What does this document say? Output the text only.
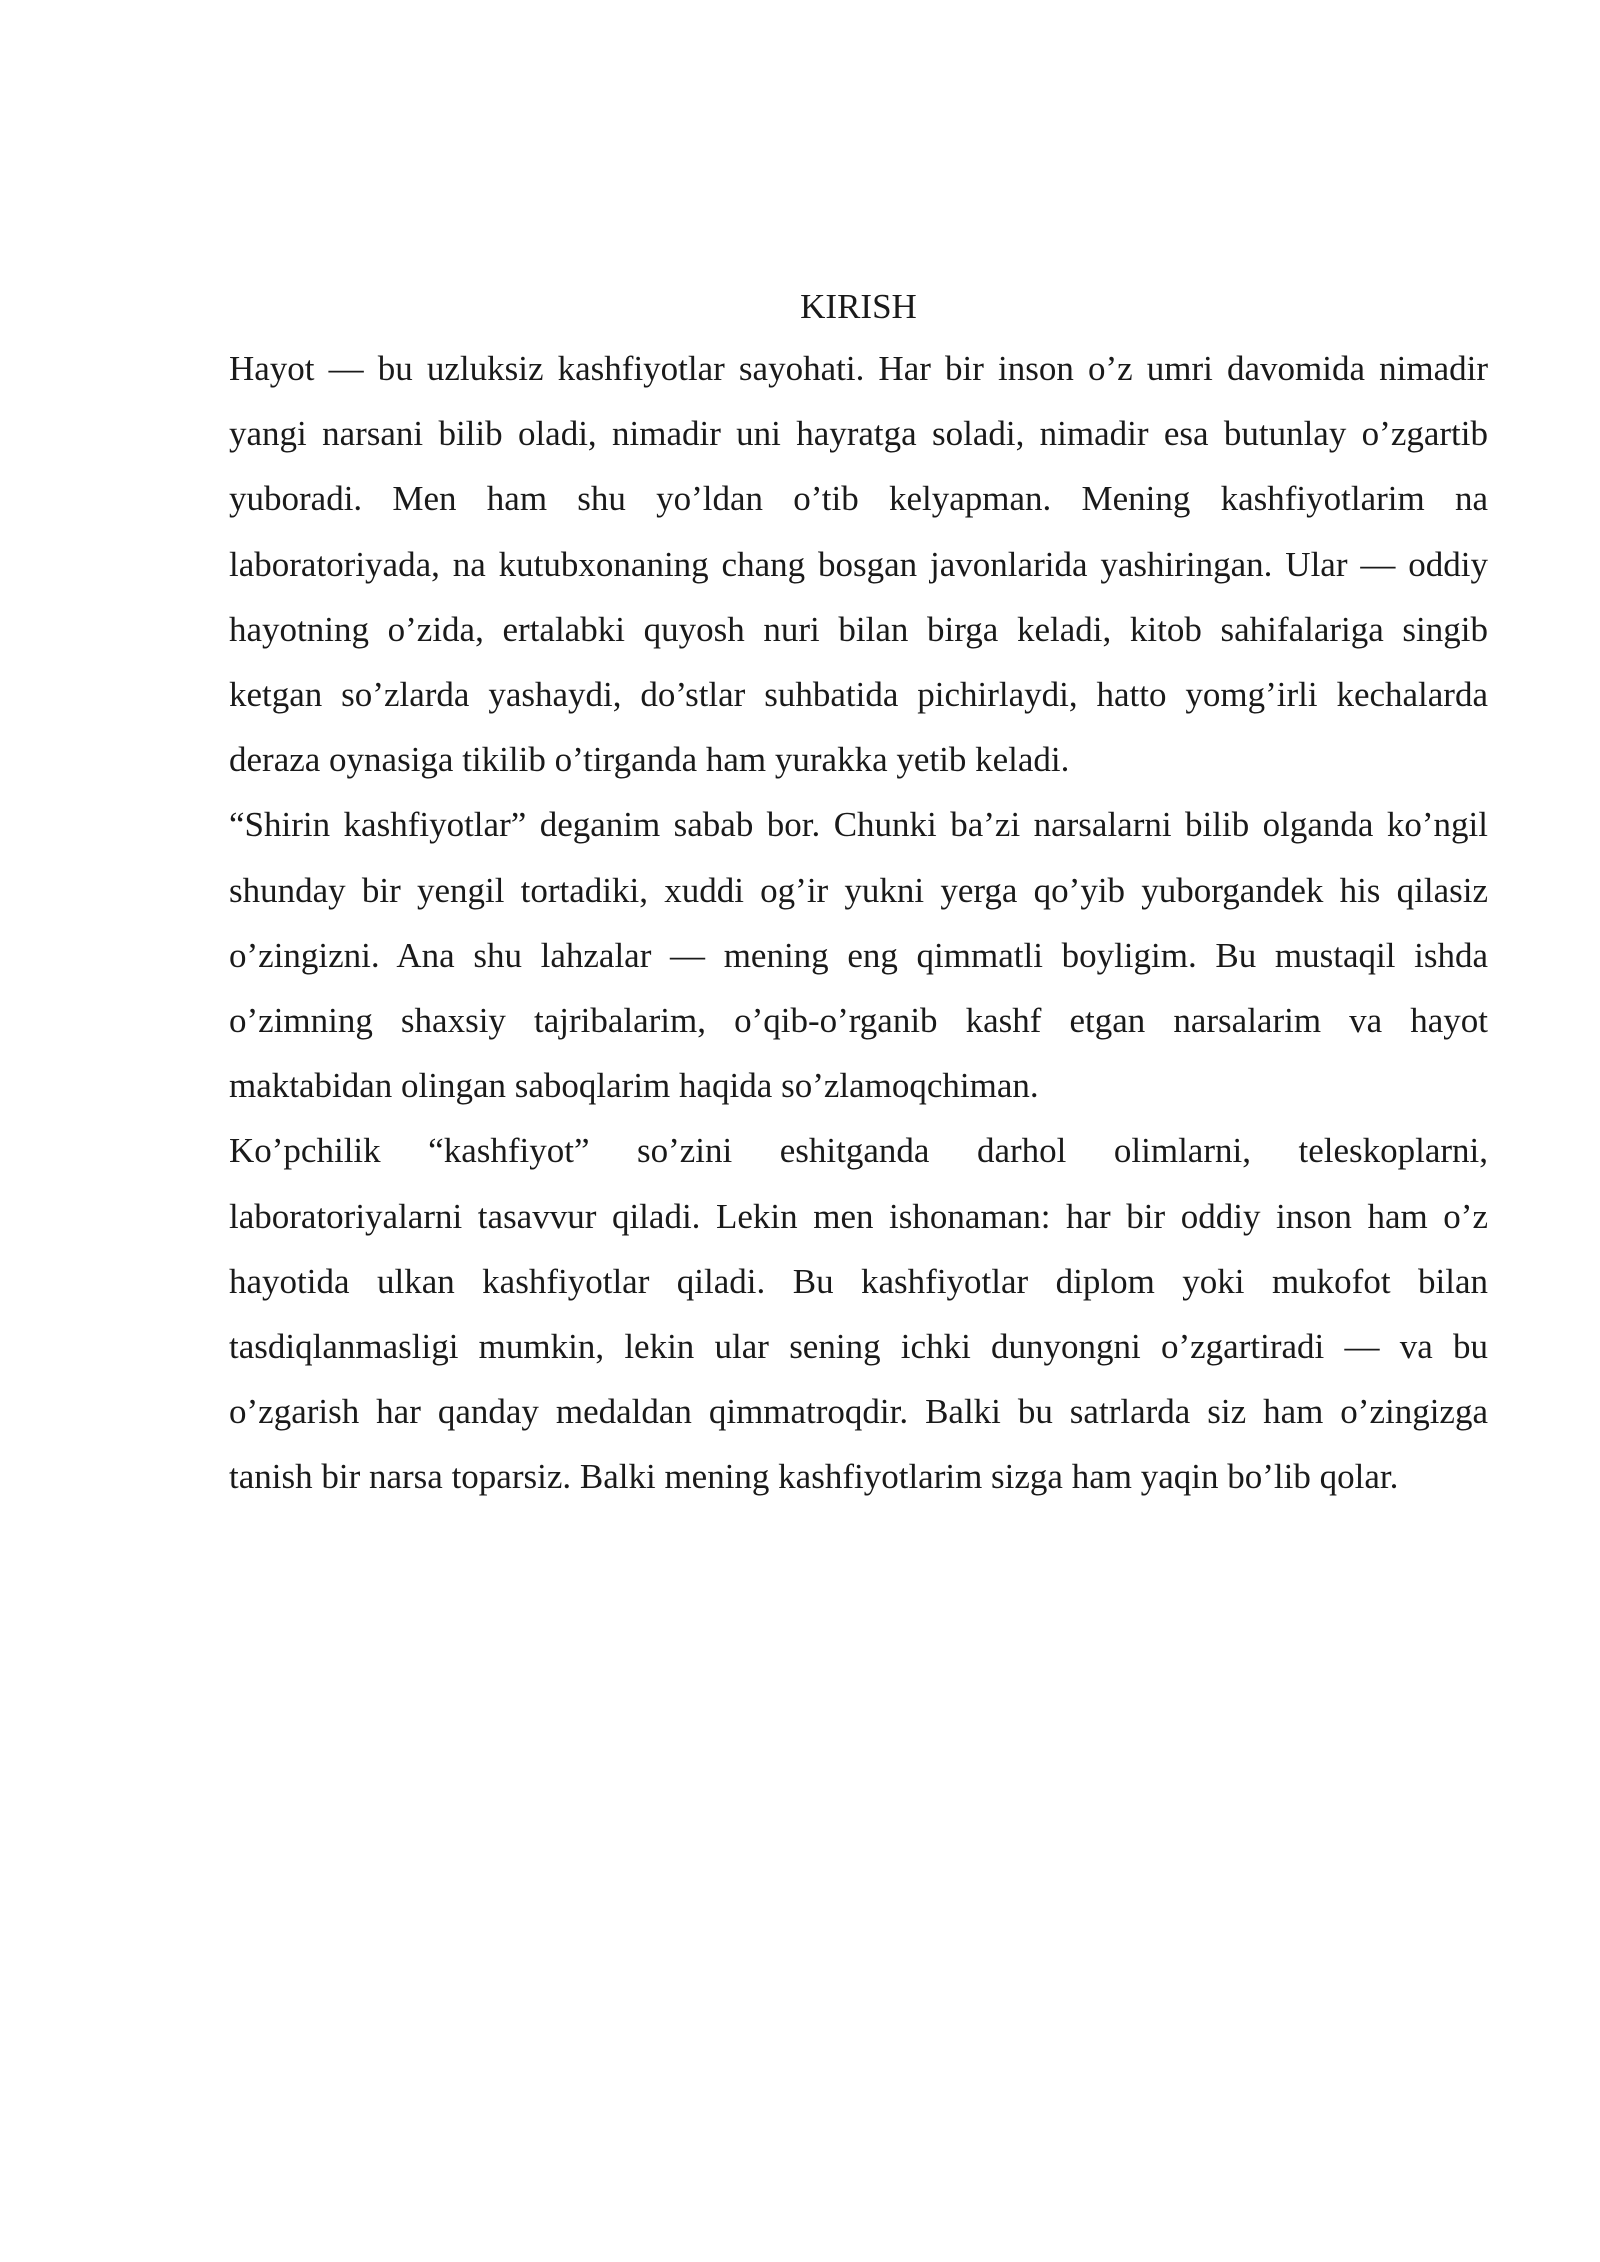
KIRISH

Hayot — bu uzluksiz kashfiyotlar sayohati. Har bir inson o’z umri davomida nimadir yangi narsani bilib oladi, nimadir uni hayratga soladi, nimadir esa butunlay o’zgartib yuboradi. Men ham shu yo’ldan o’tib kelyapman. Mening kashfiyotlarim na laboratoriyada, na kutubxonaning chang bosgan javonlarida yashiringan. Ular — oddiy hayotning o’zida, ertalabki quyosh nuri bilan birga keladi, kitob sahifalariga singib ketgan so’zlarda yashaydi, do’stlar suhbatida pichirlaydi, hatto yomg’irli kechalarda deraza oynasiga tikilib o’tirganda ham yurakka yetib keladi.

“Shirin kashfiyotlar” deganim sabab bor. Chunki ba’zi narsalarni bilib olganda ko’ngil shunday bir yengil tortadiki, xuddi og’ir yukni yerga qo’yib yuborgandek his qilasiz o’zingizni. Ana shu lahzalar — mening eng qimmatli boyligim. Bu mustaqil ishda o’zimning shaxsiy tajribalarim, o’qib-o’rganib kashf etgan narsalarim va hayot maktabidan olingan saboqlarim haqida so’zlamoqchiman.

Ko’pchilik “kashfiyot” so’zini eshitganda darhol olimlarni, teleskoplarni, laboratoriyalarni tasavvur qiladi. Lekin men ishonaman: har bir oddiy inson ham o’z hayotida ulkan kashfiyotlar qiladi. Bu kashfiyotlar diplom yoki mukofot bilan tasdiqlanmasligi mumkin, lekin ular sening ichki dunyongni o’zgartiradi — va bu o’zgarish har qanday medaldan qimmatroqdir. Balki bu satrlarda siz ham o’zingizga tanish bir narsa toparsiz. Balki mening kashfiyotlarim sizga ham yaqin bo’lib qolar.
